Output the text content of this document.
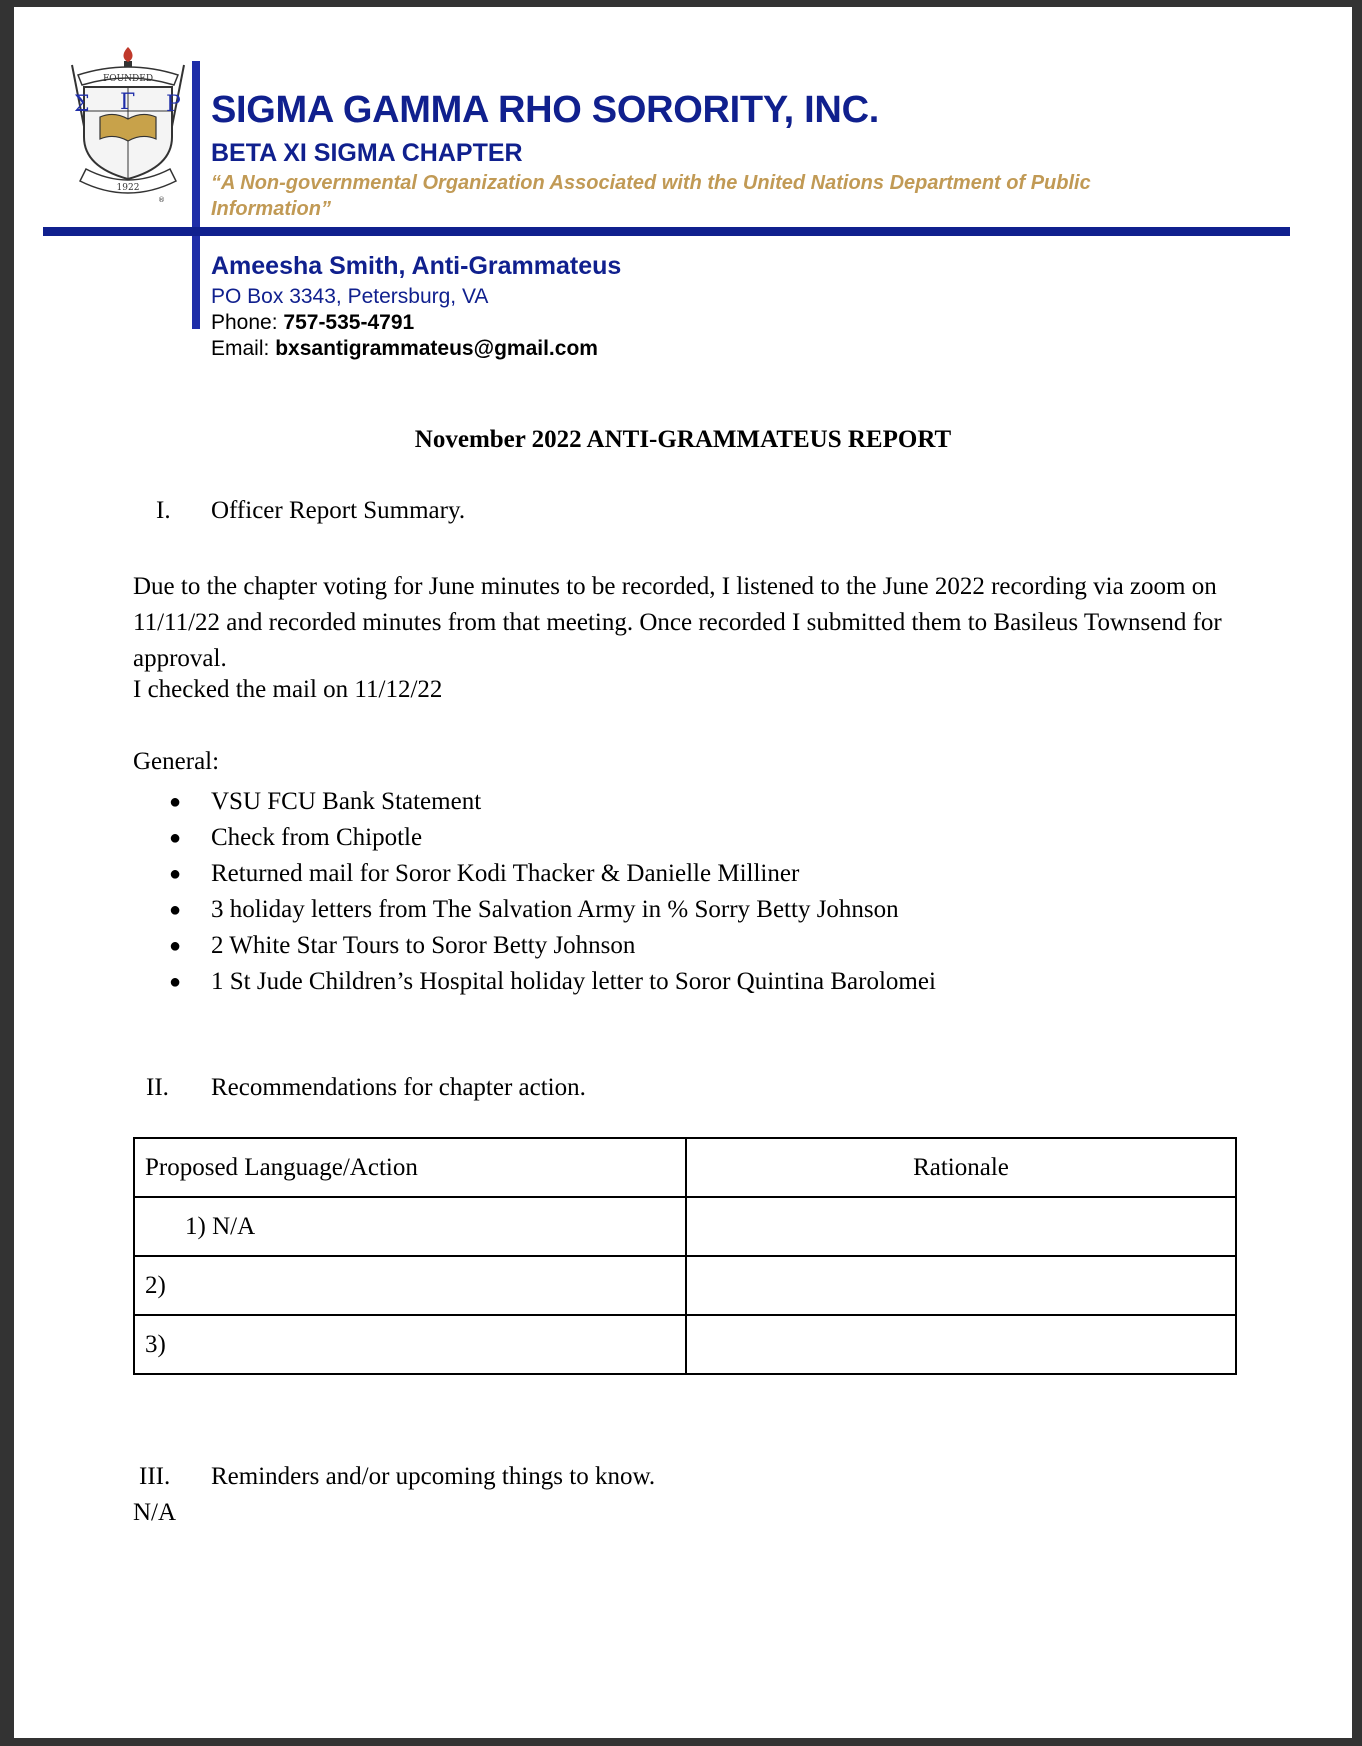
FOUNDED
Σ Γ Ρ
1922
®
SIGMA GAMMA RHO SORORITY, INC.
BETA XI SIGMA CHAPTER
“A Non-governmental Organization Associated with the United Nations Department of Public Information”
Ameesha Smith, Anti-Grammateus
PO Box 3343, Petersburg, VA
Phone: 757-535-4791
Email: bxsantigrammateus@gmail.com
November 2022 ANTI-GRAMMATEUS REPORT
I. Officer Report Summary.
Due to the chapter voting for June minutes to be recorded, I listened to the June 2022 recording via zoom on 11/11/22 and recorded minutes from that meeting. Once recorded I submitted them to Basileus Townsend for approval.
I checked the mail on 11/12/22
General:
● VSU FCU Bank Statement
● Check from Chipotle
● Returned mail for Soror Kodi Thacker & Danielle Milliner
● 3 holiday letters from The Salvation Army in % Sorry Betty Johnson
● 2 White Star Tours to Soror Betty Johnson
● 1 St Jude Children’s Hospital holiday letter to Soror Quintina Barolomei
II. Recommendations for chapter action.
Proposed Language/Action	Rationale
1) N/A	
2)	
3)	
III. Reminders and/or upcoming things to know.
N/A
